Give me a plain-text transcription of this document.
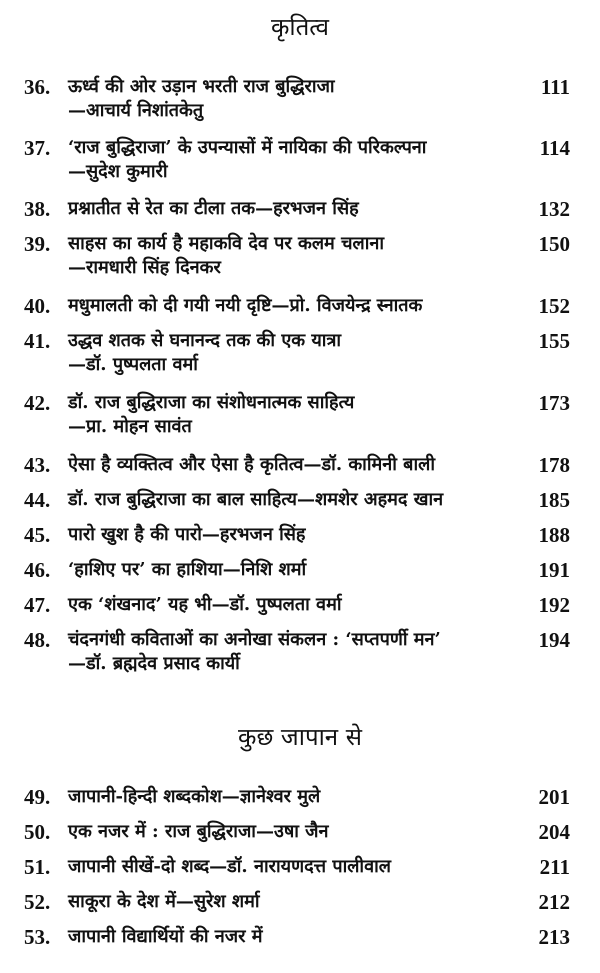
कृतित्व
36. ऊर्ध्व की ओर उड़ान भरती राज बुद्धिराजा
—आचार्य निशांतकेतु
111
37. ‘राज बुद्धिराजा’ के उपन्यासों में नायिका की परिकल्पना
—सुदेश कुमारी
114
38. प्रश्नातीत से रेत का टीला तक—हरभजन सिंह	132
39. साहस का कार्य है महाकवि देव पर कलम चलाना
—रामधारी सिंह दिनकर
150
40. मधुमालती को दी गयी नयी दृष्टि—प्रो. विजयेन्द्र स्नातक	152
41. उद्धव शतक से घनानन्द तक की एक यात्रा
—डॉ. पुष्पलता वर्मा
155
42. डॉ. राज बुद्धिराजा का संशोधनात्मक साहित्य
—प्रा. मोहन सावंत
173
43. ऐसा है व्यक्तित्व और ऐसा है कृतित्व—डॉ. कामिनी बाली	178
44. डॉ. राज बुद्धिराजा का बाल साहित्य—शमशेर अहमद खान	185
45. पारो खुश है की पारो—हरभजन सिंह	188
46. ‘हाशिए पर’ का हाशिया—निशि शर्मा	191
47. एक ‘शंखनाद’ यह भी—डॉ. पुष्पलता वर्मा	192
48. चंदनगंधी कविताओं का अनोखा संकलन : ‘सप्तपर्णी मन’
—डॉ. ब्रह्मदेव प्रसाद कार्यी
194
कुछ जापान से
49. जापानी-हिन्दी शब्दकोश—ज्ञानेश्वर मुले	201
50. एक नजर में : राज बुद्धिराजा—उषा जैन	204
51. जापानी सीखें-दो शब्द—डॉ. नारायणदत्त पालीवाल	211
52. साकूरा के देश में—सुरेश शर्मा	212
53. जापानी विद्यार्थियों की नजर में	213
